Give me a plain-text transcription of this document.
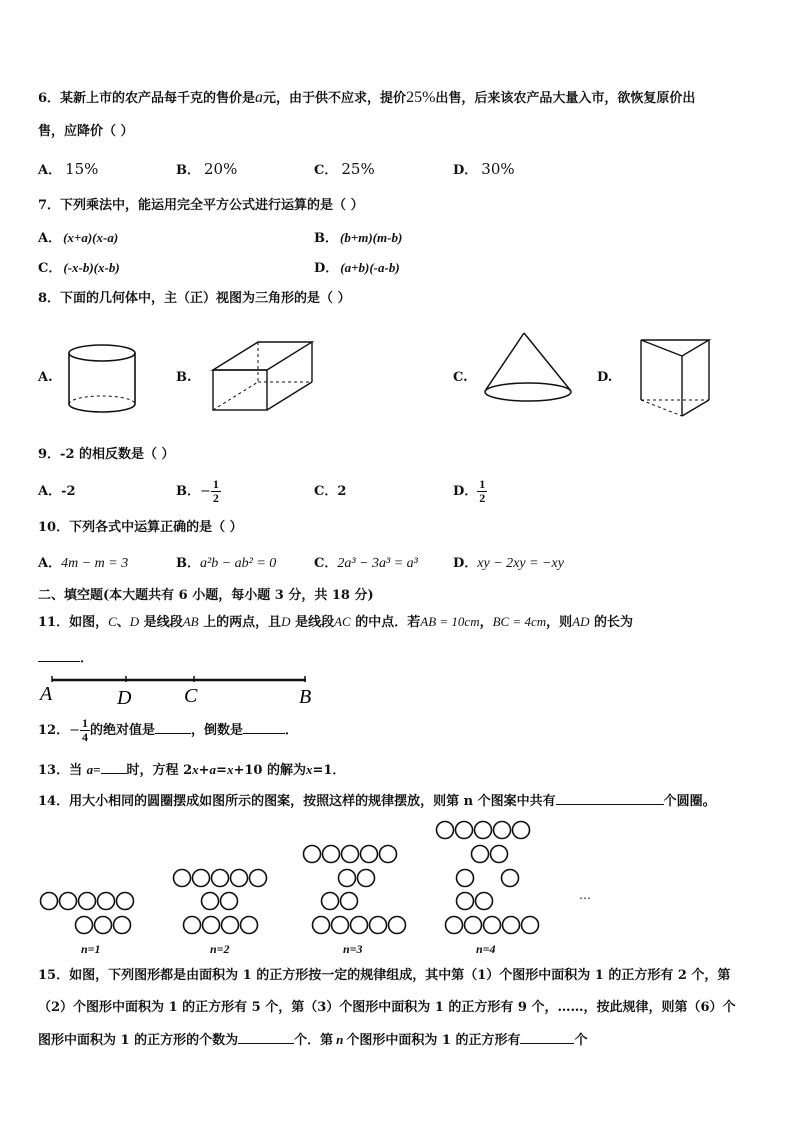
6．某新上市的农产品每千克的售价是a元，由于供不应求，提价25%出售，后来该农产品大量入市，欲恢复原价出
售，应降价（ ）
A． 15%	B． 20%	C． 25%	D． 30%
7．下列乘法中，能运用完全平方公式进行运算的是（ ）
A． (x+a)(x-a)	B． (b+m)(m-b)
C． (-x-b)(x-b)	D． (a+b)(-a-b)
8．下面的几何体中，主（正）视图为三角形的是（ ）
A.	B.	C.	D.
9．-2 的相反数是（ ）
A．-2	B．− $\frac{1}{2}$	C．2	D． $\frac{1}{2}$
10．下列各式中运算正确的是（ ）
A．4m − m = 3	B．a²b − ab² = 0	C．2a³ − 3a³ = a³	D．xy − 2xy = −xy
二、填空题(本大题共有 6 小题，每小题 3 分，共 18 分)
11．如图，C、D 是线段AB 上的两点，且D 是线段AC 的中点．若AB = 10cm，BC = 4cm，则AD 的长为
．
A	D	C	B
12．− $\frac{1}{4}$ 的绝对值是	，倒数是	．
13．当 a= 时，方程 2x+a=x+10 的解为x=1．
14．用大小相同的圆圈摆成如图所示的图案，按照这样的规律摆放，则第 n 个图案中共有	个圆圈。
n=1	n=2	n=3	n=4
…
15．如图，下列图形都是由面积为 1 的正方形按一定的规律组成，其中第（1）个图形中面积为 1 的正方形有 2 个，第
（2）个图形中面积为 1 的正方形有 5 个，第（3）个图形中面积为 1 的正方形有 9 个，……，按此规律，则第（6）个
图形中面积为 1 的正方形的个数为	个．第 n 个图形中面积为 1 的正方形有	个
